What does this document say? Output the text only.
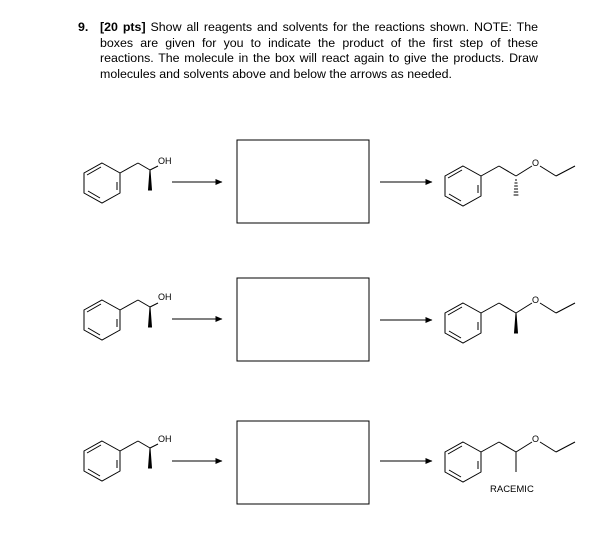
9. [20 pts] Show all reagents and solvents for the reactions shown. NOTE: The boxes are given for you to indicate the product of the first step of these reactions. The molecule in the box will react again to give the products. Draw molecules and solvents above and below the arrows as needed.
OH	O
OH	O
OH	O
RACEMIC
